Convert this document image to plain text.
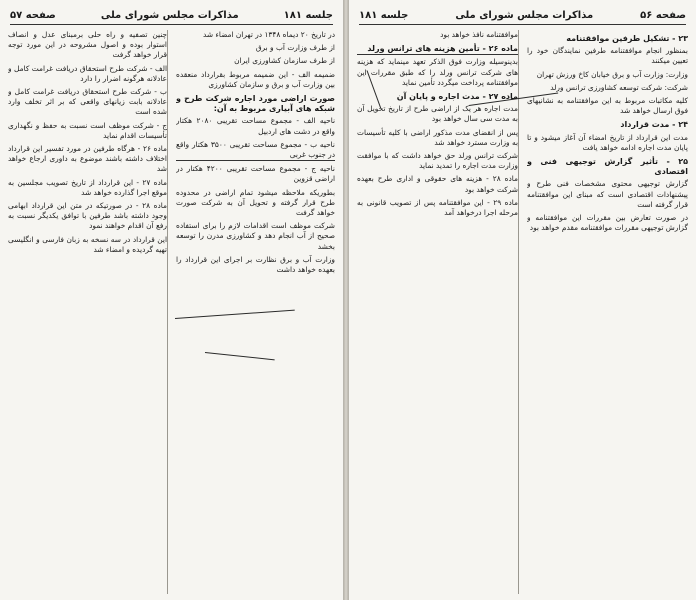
جلسه ۱۸۱
مذاکرات مجلس شورای ملی
صفحه ۵۷

در تاریخ ۲۰ دیماه ۱۳۴۸ در تهران امضاء شد

از طرف وزارت آب و برق

از طرف سازمان کشاورزی ایران

ضمیمه الف - این ضمیمه مربوط بقرارداد منعقده بین وزارت آب و برق و سازمان کشاورزی

صورت اراضی مورد اجاره شرکت طرح و شبکه های آبیاری مربوط به آن:

ناحیه الف - مجموع مساحت تقریبی ۲۰۸۰ هکتار واقع در دشت های اردبیل

ناحیه ب - مجموع مساحت تقریبی ۳۵۰۰ هکتار واقع در جنوب غربی

ناحیه ج - مجموع مساحت تقریبی ۴۲۰۰ هکتار در اراضی قزوین

بطوریکه ملاحظه میشود تمام اراضی در محدوده طرح قرار گرفته و تحویل آن به شرکت صورت خواهد گرفت

شرکت موظف است اقدامات لازم را برای استفاده صحیح از آب انجام دهد و کشاورزی مدرن را توسعه بخشد

وزارت آب و برق نظارت بر اجرای این قرارداد را بعهده خواهد داشت

چنین تصفیه و راه حلی برمبنای عدل و انصاف استوار بوده و اصول مشروحه در این مورد توجه قرار خواهد گرفت

الف - شرکت طرح استحقاق دریافت غرامت کامل و عادلانه هرگونه اضرار را دارد

ب - شرکت طرح استحقاق دریافت غرامت کامل و عادلانه بابت زیانهای واقعی که بر اثر تخلف وارد شده است

ج - شرکت موظف است نسبت به حفظ و نگهداری تأسیسات اقدام نماید

ماده ۲۶ - هرگاه طرفین در مورد تفسیر این قرارداد اختلاف داشته باشند موضوع به داوری ارجاع خواهد شد

ماده ۲۷ - این قرارداد از تاریخ تصویب مجلسین به موقع اجرا گذارده خواهد شد

ماده ۲۸ - در صورتیکه در متن این قرارداد ابهامی وجود داشته باشد طرفین با توافق یکدیگر نسبت به رفع آن اقدام خواهند نمود

این قرارداد در سه نسخه به زبان فارسی و انگلیسی تهیه گردیده و امضاء شد

صفحه ۵۶
مذاکرات مجلس شورای ملی
جلسه ۱۸۱
۲۳ - تشکیل طرفین موافقتنامه

بمنظور انجام موافقتنامه طرفین نمایندگان خود را تعیین میکنند

وزارت: وزارت آب و برق خیابان کاخ ورزش تهران

شرکت: شرکت توسعه کشاورزی ترانس ورلد

کلیه مکاتبات مربوط به این موافقتنامه به نشانیهای فوق ارسال خواهد شد

۲۴ - مدت قرارداد

مدت این قرارداد از تاریخ امضاء آن آغاز میشود و تا پایان مدت اجاره ادامه خواهد یافت

۲۵ - تأثیر گزارش توجیهی فنی و اقتصادی

گزارش توجیهی محتوی مشخصات فنی طرح و پیشنهادات اقتصادی است که مبنای این موافقتنامه قرار گرفته است

در صورت تعارض بین مقررات این موافقتنامه و گزارش توجیهی مقررات موافقتنامه مقدم خواهد بود

موافقتنامه نافذ خواهد بود

ماده ۲۶ - تأمین هزینه های ترانس ورلد

بدینوسیله وزارت فوق الذکر تعهد مینماید که هزینه های شرکت ترانس ورلد را که طبق مقررات این موافقتنامه پرداخت میگردد تأمین نماید

ماده ۲۷ - مدت اجاره و پایان آن

مدت اجاره هر یک از اراضی طرح از تاریخ تحویل آن به مدت سی سال خواهد بود

پس از انقضای مدت مذکور اراضی با کلیه تأسیسات به وزارت مسترد خواهد شد

شرکت ترانس ورلد حق خواهد داشت که با موافقت وزارت مدت اجاره را تمدید نماید

ماده ۲۸ - هزینه های حقوقی و اداری طرح بعهده شرکت خواهد بود

ماده ۲۹ - این موافقتنامه پس از تصویب قانونی به مرحله اجرا درخواهد آمد
